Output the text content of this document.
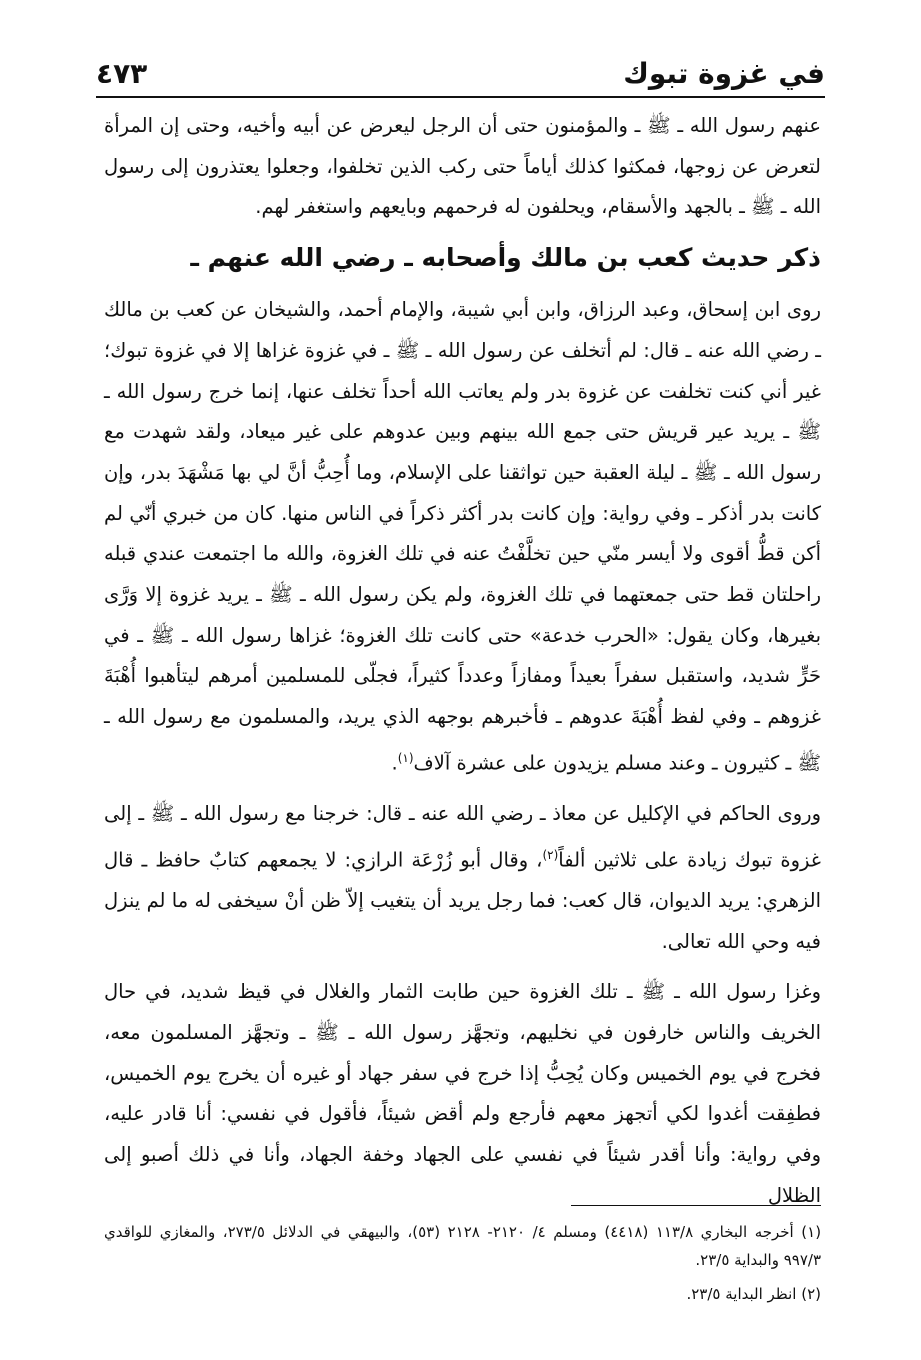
في غزوة تبوك
٤٧٣

عنهم رسول الله ـ ﷺ ـ والمؤمنون حتى أن الرجل ليعرض عن أبيه وأخيه، وحتى إن المرأة لتعرض عن زوجها، فمكثوا كذلك أياماً حتى ركب الذين تخلفوا، وجعلوا يعتذرون إلى رسول الله ـ ﷺ ـ بالجهد والأسقام، ويحلفون له فرحمهم وبايعهم واستغفر لهم.

ذكر حديث كعب بن مالك وأصحابه ـ رضي الله عنهم ـ

روى ابن إسحاق، وعبد الرزاق، وابن أبي شيبة، والإمام أحمد، والشيخان عن كعب بن مالك ـ رضي الله عنه ـ قال: لم أتخلف عن رسول الله ـ ﷺ ـ في غزوة غزاها إلا في غزوة تبوك؛ غير أني كنت تخلفت عن غزوة بدر ولم يعاتب الله أحداً تخلف عنها، إنما خرج رسول الله ـ ﷺ ـ يريد عير قريش حتى جمع الله بينهم وبين عدوهم على غير ميعاد، ولقد شهدت مع رسول الله ـ ﷺ ـ ليلة العقبة حين تواثقنا على الإسلام، وما أُحِبُّ أنَّ لي بها مَشْهَدَ بدر، وإن كانت بدر أذكر ـ وفي رواية: وإن كانت بدر أكثر ذكراً في الناس منها. كان من خبري أنّي لم أكن قطُّ أقوى ولا أيسر منّي حين تخلَّفْتُ عنه في تلك الغزوة، والله ما اجتمعت عندي قبله راحلتان قط حتى جمعتهما في تلك الغزوة، ولم يكن رسول الله ـ ﷺ ـ يريد غزوة إلا وَرَّى بغيرها، وكان يقول: «الحرب خدعة» حتى كانت تلك الغزوة؛ غزاها رسول الله ـ ﷺ ـ في حَرٍّ شديد، واستقبل سفراً بعيداً ومفازاً وعدداً كثيراً، فجلّى للمسلمين أمرهم ليتأهبوا أُهْبَةَ غزوهم ـ وفي لفظ أُهْبَةَ عدوهم ـ فأخبرهم بوجهه الذي يريد، والمسلمون مع رسول الله ـ ﷺ ـ كثيرون ـ وعند مسلم يزيدون على عشرة آلاف$^{(١)}$.

وروى الحاكم في الإكليل عن معاذ ـ رضي الله عنه ـ قال: خرجنا مع رسول الله ـ ﷺ ـ إلى غزوة تبوك زيادة على ثلاثين ألفاً$^{(٢)}$، وقال أبو زُرْعَة الرازي: لا يجمعهم كتابٌ حافظ ـ قال الزهري: يريد الديوان، قال كعب: فما رجل يريد أن يتغيب إلاّ ظن أنْ سيخفى له ما لم ينزل فيه وحي الله تعالى.

وغزا رسول الله ـ ﷺ ـ تلك الغزوة حين طابت الثمار والغلال في قيظ شديد، في حال الخريف والناس خارفون في نخليهم، وتجهَّز رسول الله ـ ﷺ ـ وتجهَّز المسلمون معه، فخرج في يوم الخميس وكان يُحِبُّ إذا خرج في سفر جهاد أو غيره أن يخرج يوم الخميس، فطفِقت أغدوا لكي أتجهز معهم فأرجع ولم أقض شيئاً، فأقول في نفسي: أنا قادر عليه، وفي رواية: وأنا أقدر شيئاً في نفسي على الجهاد وخفة الجهاد، وأنا في ذلك أصبو إلى الظلال

(١) أخرجه البخاري ١١٣/٨ (٤٤١٨) ومسلم ٤/ ٢١٢٠- ٢١٢٨ (٥٣)، والبيهقي في الدلائل ٢٧٣/٥، والمغازي للواقدي ٩٩٧/٣ والبداية ٢٣/٥.

(٢) انظر البداية ٢٣/٥.
